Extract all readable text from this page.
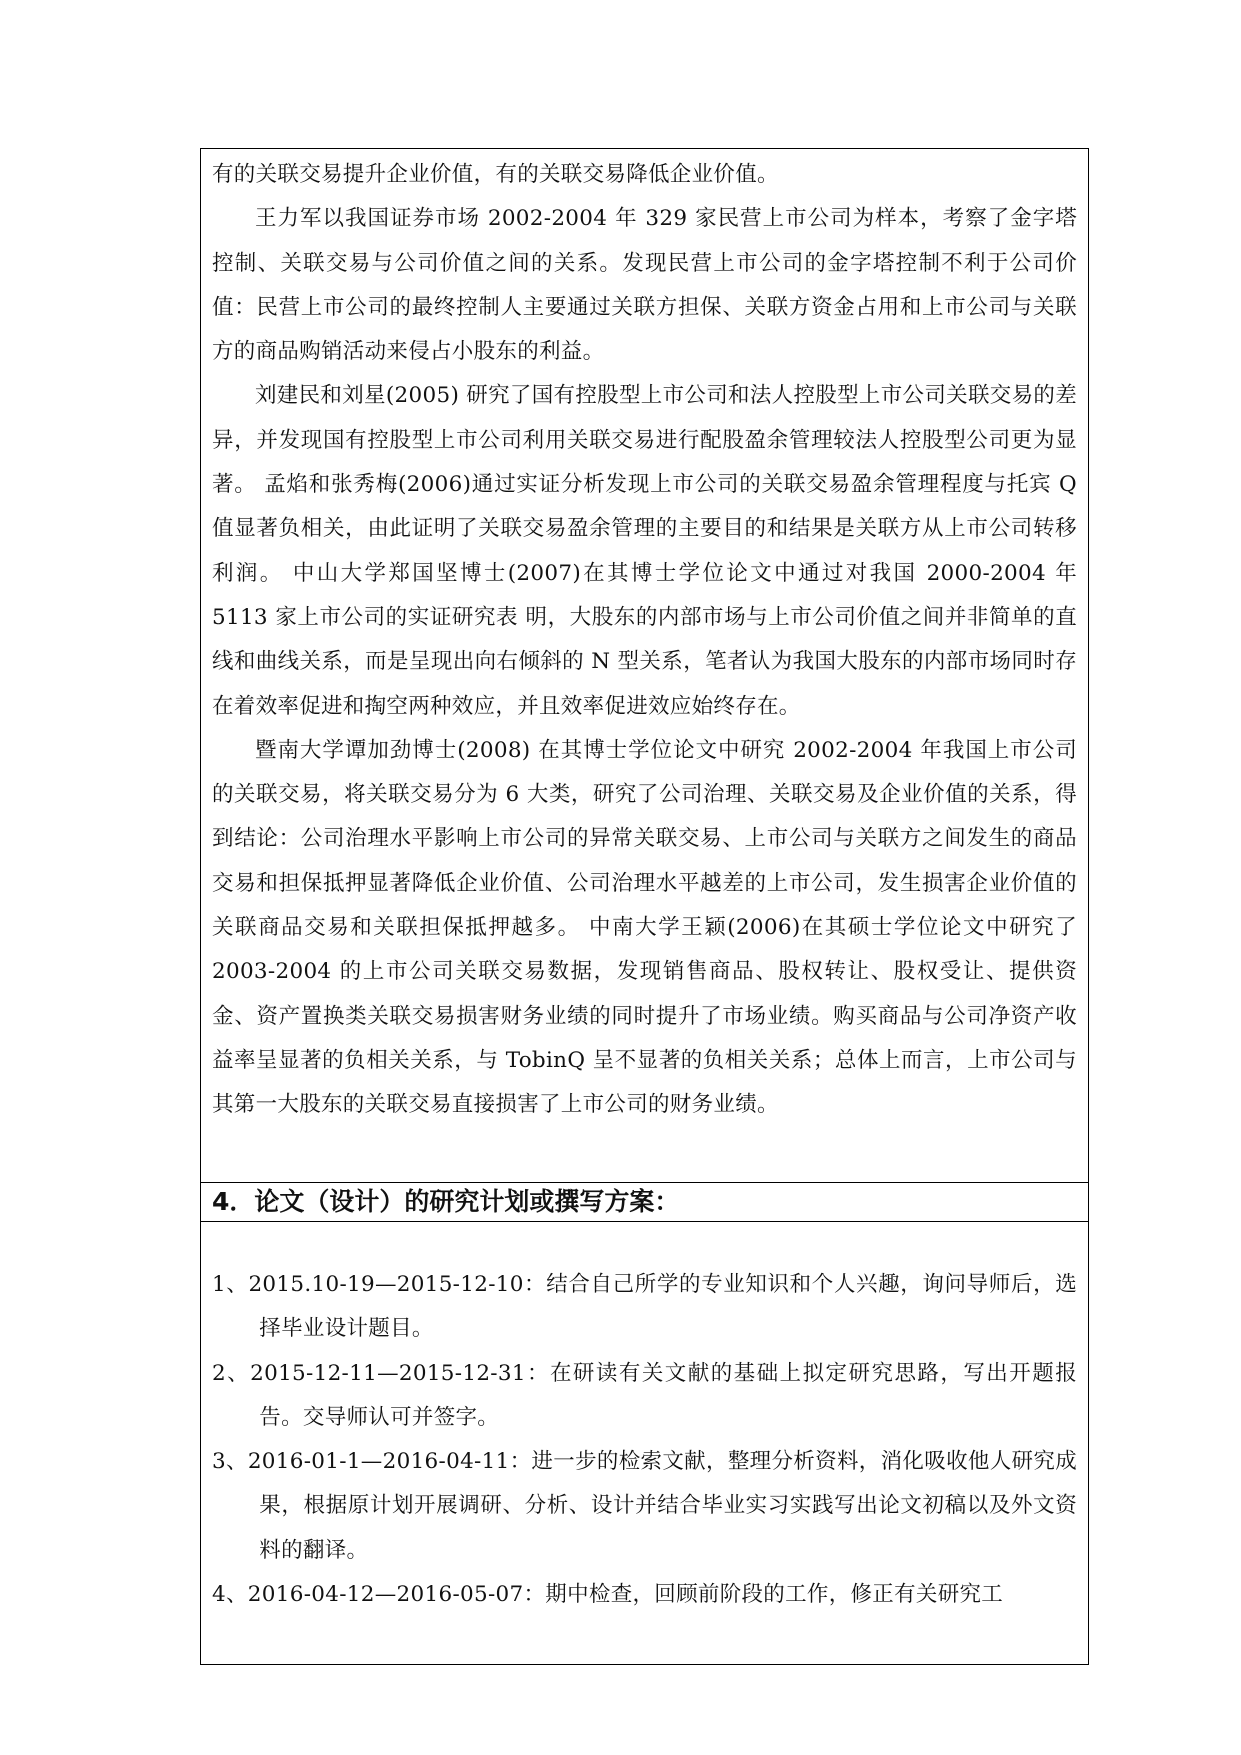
有的关联交易提升企业价值，有的关联交易降低企业价值。

王力军以我国证券市场 2002-2004 年 329 家民营上市公司为样本，考察了金字塔控制、关联交易与公司价值之间的关系。发现民营上市公司的金字塔控制不利于公司价值：民营上市公司的最终控制人主要通过关联方担保、关联方资金占用和上市公司与关联方的商品购销活动来侵占小股东的利益。

刘建民和刘星(2005) 研究了国有控股型上市公司和法人控股型上市公司关联交易的差异，并发现国有控股型上市公司利用关联交易进行配股盈余管理较法人控股型公司更为显著。 孟焰和张秀梅(2006)通过实证分析发现上市公司的关联交易盈余管理程度与托宾 Q 值显著负相关，由此证明了关联交易盈余管理的主要目的和结果是关联方从上市公司转移利润。 中山大学郑国坚博士(2007)在其博士学位论文中通过对我国 2000-2004 年 5113 家上市公司的实证研究表 明，大股东的内部市场与上市公司价值之间并非简单的直线和曲线关系，而是呈现出向右倾斜的 N 型关系，笔者认为我国大股东的内部市场同时存在着效率促进和掏空两种效应，并且效率促进效应始终存在。

暨南大学谭加劲博士(2008) 在其博士学位论文中研究 2002-2004 年我国上市公司的关联交易，将关联交易分为 6 大类，研究了公司治理、关联交易及企业价值的关系，得到结论：公司治理水平影响上市公司的异常关联交易、上市公司与关联方之间发生的商品交易和担保抵押显著降低企业价值、公司治理水平越差的上市公司，发生损害企业价值的关联商品交易和关联担保抵押越多。 中南大学王颖(2006)在其硕士学位论文中研究了 2003-2004 的上市公司关联交易数据，发现销售商品、股权转让、股权受让、提供资金、资产置换类关联交易损害财务业绩的同时提升了市场业绩。购买商品与公司净资产收益率呈显著的负相关关系，与 TobinQ 呈不显著的负相关关系；总体上而言，上市公司与其第一大股东的关联交易直接损害了上市公司的财务业绩。

4．论文（设计）的研究计划或撰写方案：

1、2015.10-19—2015-12-10：结合自己所学的专业知识和个人兴趣，询问导师后，选择毕业设计题目。

2、2015-12-11—2015-12-31：在研读有关文献的基础上拟定研究思路，写出开题报告。交导师认可并签字。

3、2016-01-1—2016-04-11：进一步的检索文献，整理分析资料，消化吸收他人研究成果，根据原计划开展调研、分析、设计并结合毕业实习实践写出论文初稿以及外文资料的翻译。

4、2016-04-12—2016-05-07：期中检查，回顾前阶段的工作，修正有关研究工
